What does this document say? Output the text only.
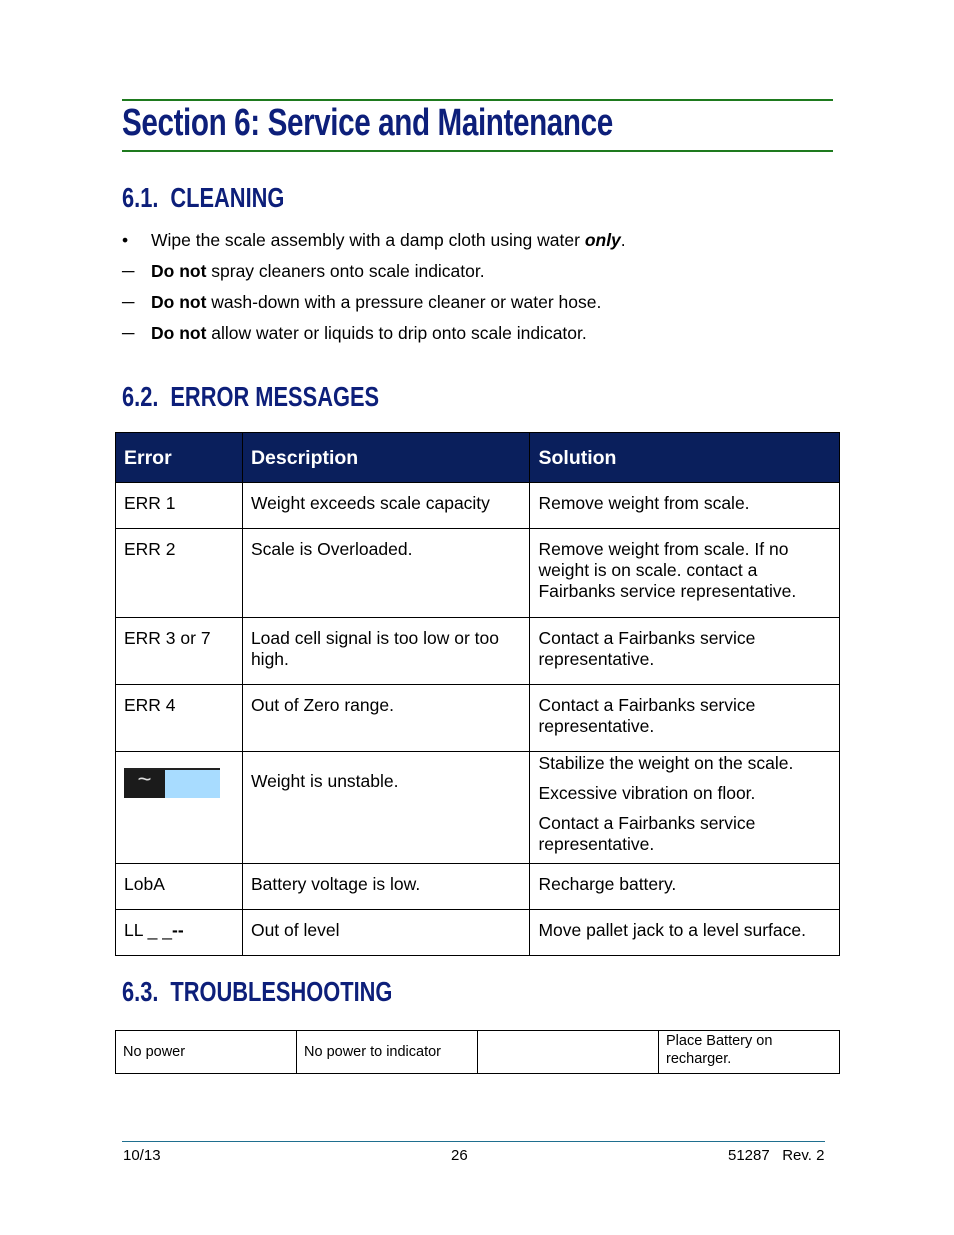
Section 6: Service and Maintenance
6.1. CLEANING
• Wipe the scale assembly with a damp cloth using water only.
─ Do not spray cleaners onto scale indicator.
─ Do not wash-down with a pressure cleaner or water hose.
─ Do not allow water or liquids to drip onto scale indicator.
6.2. ERROR MESSAGES
Error	Description	Solution
ERR 1	Weight exceeds scale capacity	Remove weight from scale.

ERR 2	Scale is Overloaded.	Remove weight from scale. If no weight is on scale. contact a Fairbanks service representative.

ERR 3 or 7	Load cell signal is too low or too high.	Contact a Fairbanks service representative.

ERR 4	Out of Zero range.	Contact a Fairbanks service representative.

~	Weight is unstable.	Stabilize the weight on the scale.

Excessive vibration on floor.

Contact a Fairbanks service representative.

LobA	Battery voltage is low.	Recharge battery.

LL _ _--	Out of level	Move pallet jack to a level surface.

6.3. TROUBLESHOOTING
No power	No power to indicator		Place Battery on recharger.
10/13	26	51287   Rev. 2
